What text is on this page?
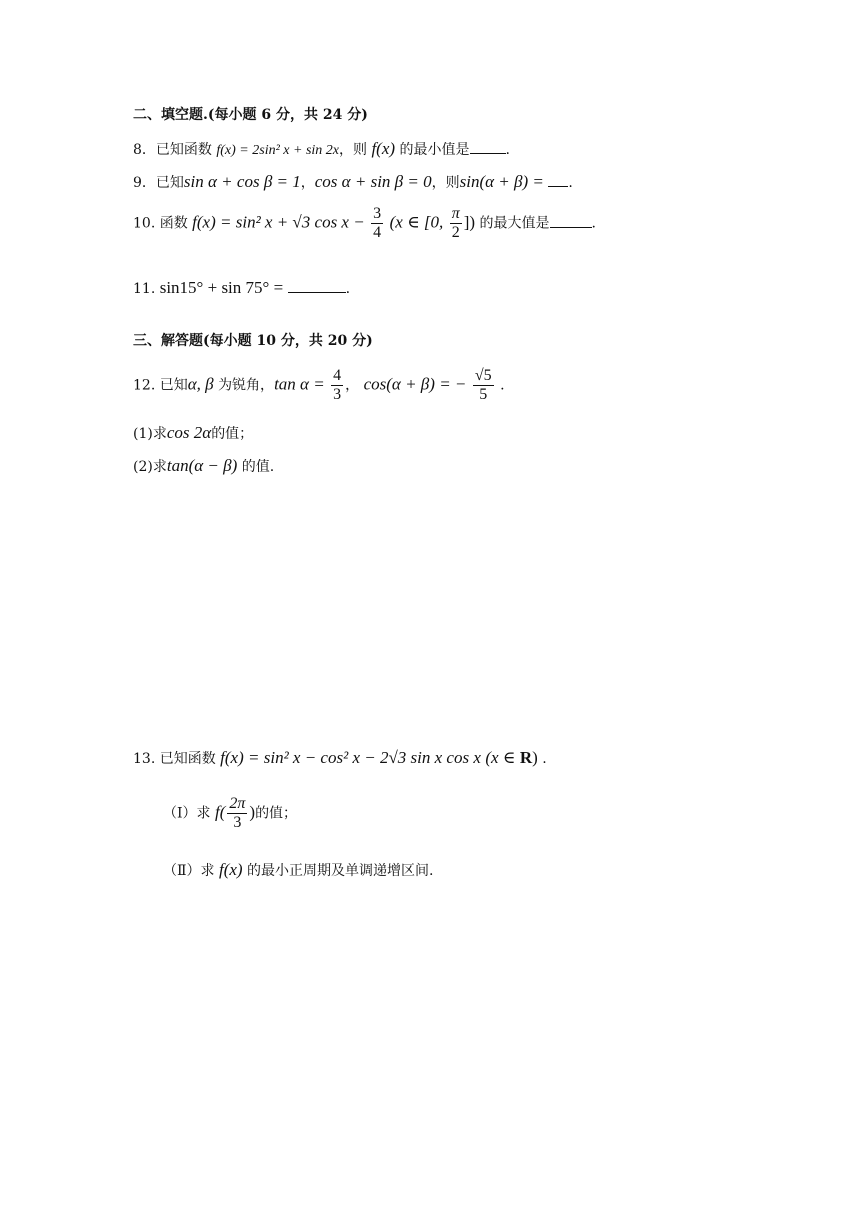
二、填空题.(每小题 6 分，共 24 分)
8．已知函数 f(x) = 2sin² x + sin 2x，则 f(x) 的最小值是	.
9．已知sin α + cos β = 1，cos α + sin β = 0，则sin(α + β) = .
10. 函数 f(x) = sin² x + √3 $\cos x - \frac{3}{4} (x$ ∈ [0, $\frac{\pi}{2}$ ]) 的最大值是	.
11. sin15° + sin 75° =	.
三、解答题(每小题 10 分，共 20 分)
12. 已知α, β 为锐角，$\tan \alpha = \frac{4}{3}$ ， cos(α + β) = − $\frac{√5}{5}$ .
(1)求cos 2α的值；
(2)求tan(α − β) 的值.
13. 已知函数 f(x) = sin² x − cos² x − 2√3 sin x cos x (x ∈ R) .
（Ⅰ）求 $f( \frac{2\pi}{3}$ )的值；
（Ⅱ）求 f(x) 的最小正周期及单调递增区间.
